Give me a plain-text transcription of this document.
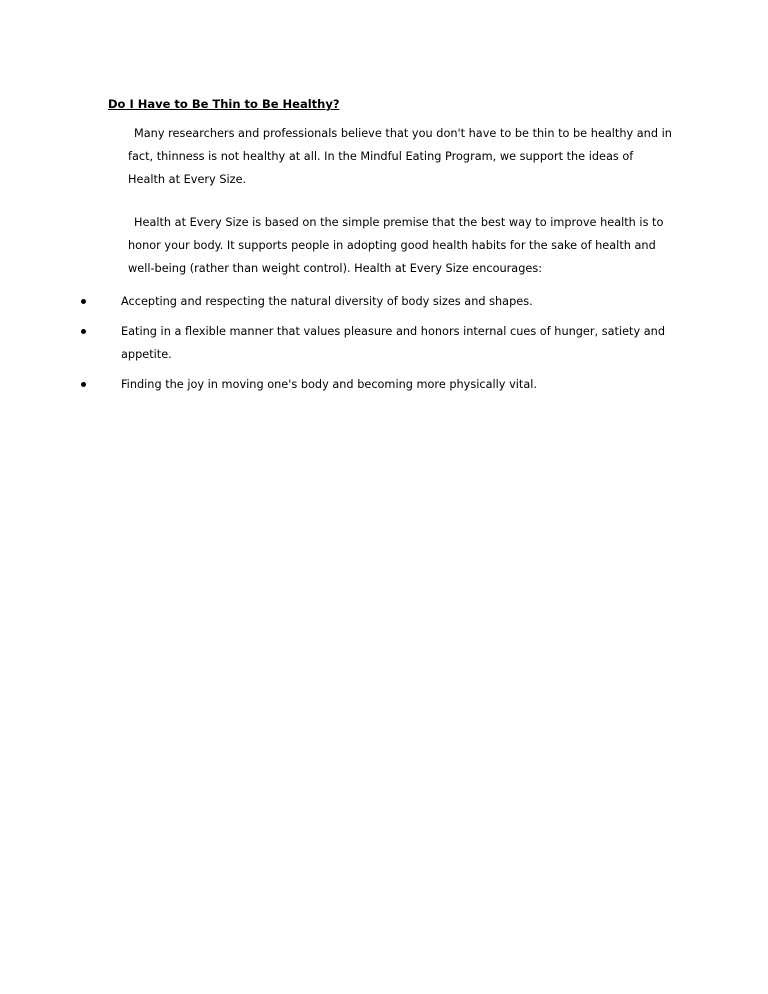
Do I Have to Be Thin to Be Healthy?
Many researchers and professionals believe that you don't have to be thin to be healthy and in
fact, thinness is not healthy at all. In the Mindful Eating Program, we support the ideas of
Health at Every Size.
Health at Every Size is based on the simple premise that the best way to improve health is to
honor your body. It supports people in adopting good health habits for the sake of health and
well-being (rather than weight control). Health at Every Size encourages:
Accepting and respecting the natural diversity of body sizes and shapes.
Eating in a flexible manner that values pleasure and honors internal cues of hunger, satiety and
appetite.
Finding the joy in moving one's body and becoming more physically vital.
